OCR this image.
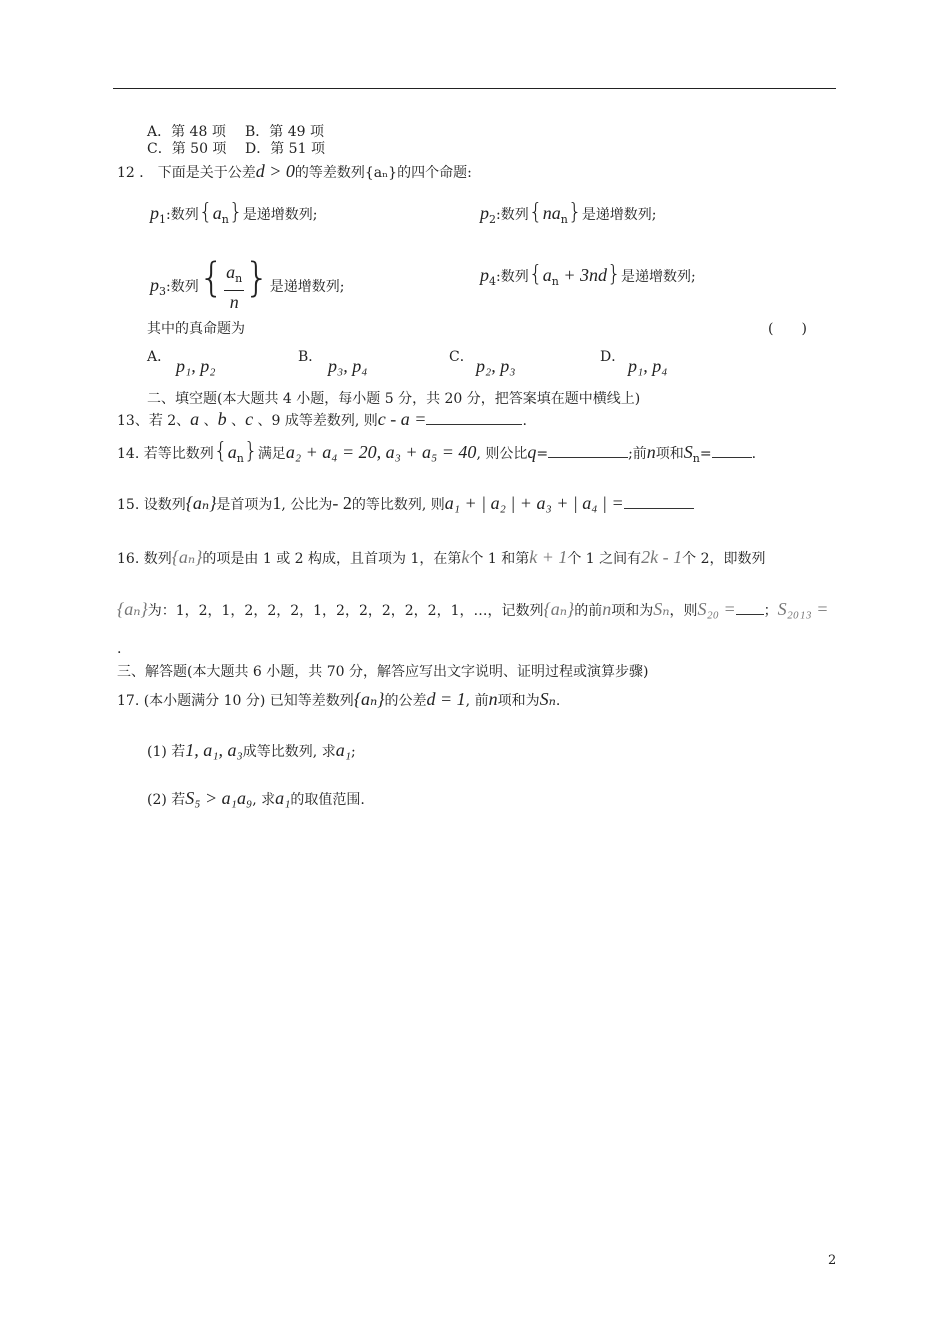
A．第 48 项 B．第 49 项
C．第 50 项 D．第 51 项
12 ． 下面是关于公差d > 0的等差数列{aₙ}的四个命题:
$p_1$:数列$\{a_n\}$是递增数列;	$p_2$:数列$\{na_n\}$是递增数列;
$p_3$:数列{ $\frac{a_n}{n}$ }是递增数列;
$p_4$:数列$\{a_n + 3nd\}$是递增数列;
其中的真命题为	(　　)
A． p₁, p₂	B． p₃, p₄	C． p₂, p₃	D． p₁, p₄
二、填空题(本大题共 4 小题，每小题 5 分，共 20 分，把答案填在题中横线上)
13、若 2、a 、b 、c 、9 成等差数列, 则c - a =	.
14. 若等比数列$\{a_n\}$满足a₂ + a₄ = 20, a₃ + a₅ = 40, 则公比q=	;前n项和$S_n=$	.
15. 设数列{aₙ}是首项为1, 公比为- 2的等比数列, 则a₁ + | a₂ | + a₃ + | a₄ | =
16. 数列{aₙ}的项是由 1 或 2 构成，且首项为 1，在第k个 1 和第k + 1个 1 之间有2k - 1个 2，即数列
{aₙ}为：1，2，1，2，2，2，1，2，2，2，2，2，1，…，记数列{aₙ}的前n项和为Sₙ，则S₂₀ = ；S₂₀₁₃ =
.
三、解答题(本大题共 6 小题，共 70 分，解答应写出文字说明、证明过程或演算步骤)
17. (本小题满分 10 分) 已知等差数列{aₙ}的公差d = 1, 前n项和为Sₙ.
(1) 若1, a₁, a₃成等比数列, 求a₁;
(2) 若S₅ > a₁a₉, 求a₁的取值范围.
2
